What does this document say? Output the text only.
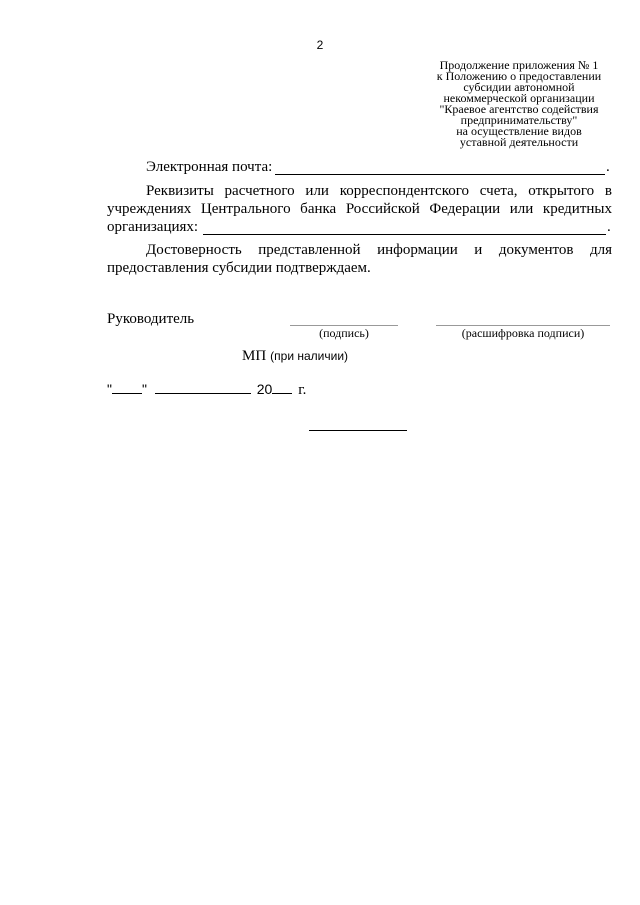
2
Продолжение приложения № 1
к Положению о предоставлении
субсидии автономной
некоммерческой организации
"Краевое агентство содействия
предпринимательству"
на осуществление видов
уставной деятельности
Электронная почта:	.
Реквизиты расчетного или корреспондентского счета, открытого в
учреждениях Центрального банка Российской Федерации или кредитных
организациях:	.
Достоверность представленной информации и документов для
предоставления субсидии подтверждаем.
Руководитель
(подпись)	(расшифровка подписи)
МП (при наличии)
" "	20 г.
